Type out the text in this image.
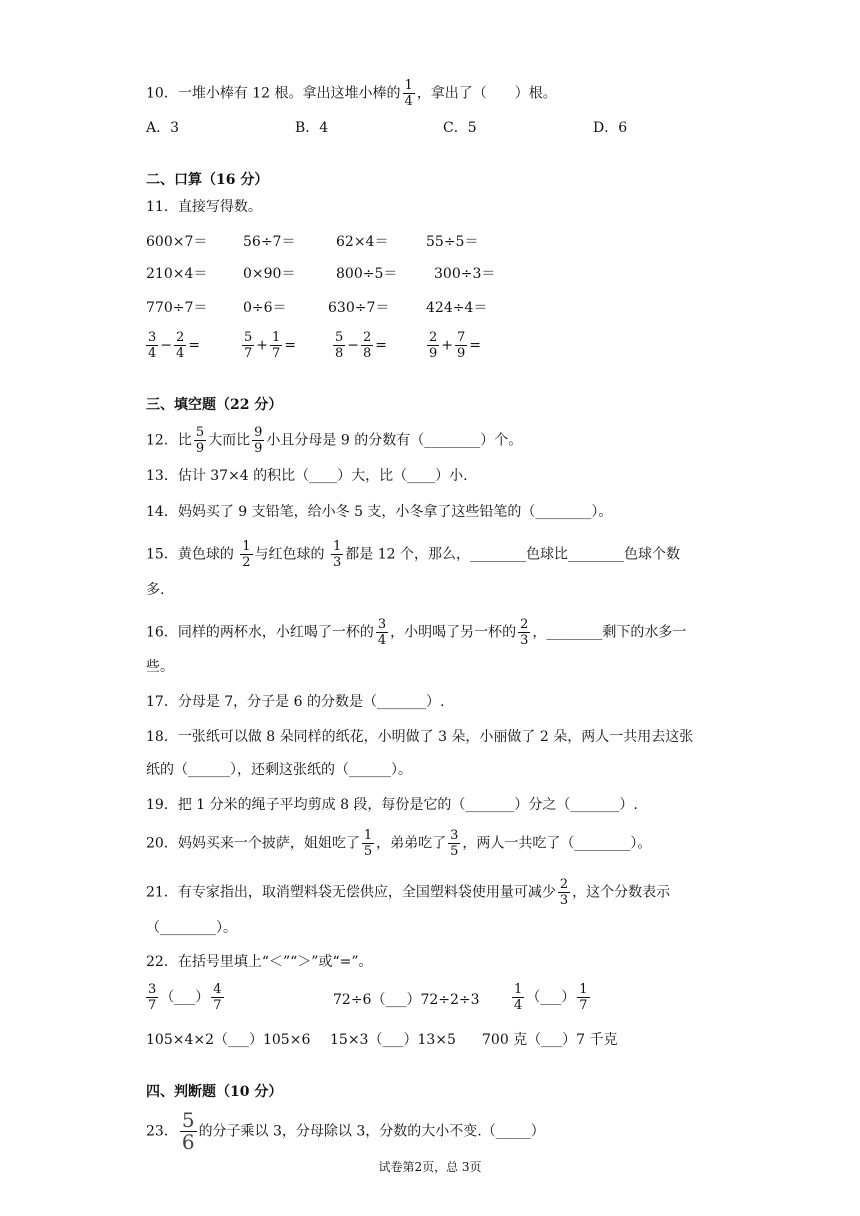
10．一堆小棒有 12 根。拿出这堆小棒的 $\frac{1}{4}$ ，拿出了（　　）根。
A．3	B．4	C．5	D．6
二、口算（16 分）
11．直接写得数。
600×7＝	56÷7＝	62×4＝	55÷5＝
210×4＝	0×90＝	800÷5＝	300÷3＝
770÷7＝	0÷6＝	630÷7＝	424÷4＝
$\frac{3}{4} - \frac{2}{4}$ =	$\frac{5}{7} + \frac{1}{7}$ =	$\frac{5}{8} - \frac{2}{8}$ =	$\frac{2}{9} + \frac{7}{9}$ =
三、填空题（22 分）
12．比 $\frac{5}{9}$ 大而比 $\frac{9}{9}$ 小且分母是 9 的分数有（________）个。
13．估计 37×4 的积比（____）大，比（____）小.
14．妈妈买了 9 支铅笔，给小冬 5 支，小冬拿了这些铅笔的（________）。
15．黄色球的 $\frac{1}{2}$ 与红色球的 $\frac{1}{3}$ 都是 12 个，那么，________色球比________色球个数
多.
16．同样的两杯水，小红喝了一杯的 $\frac{3}{4}$ ，小明喝了另一杯的 $\frac{2}{3}$ ，________剩下的水多一
些。
17．分母是 7，分子是 6 的分数是（_______）.
18．一张纸可以做 8 朵同样的纸花，小明做了 3 朵，小丽做了 2 朵，两人一共用去这张
纸的（______），还剩这张纸的（______）。
19．把 1 分米的绳子平均剪成 8 段，每份是它的（_______）分之（_______）.
20．妈妈买来一个披萨，姐姐吃了 $\frac{1}{5}$ ，弟弟吃了 $\frac{3}{5}$ ，两人一共吃了（________）。
21．有专家指出，取消塑料袋无偿供应，全国塑料袋使用量可减少 $\frac{2}{3}$ ，这个分数表示
（________）。
22．在括号里填上“＜”“＞”或“=”。
$\frac{3}{7}$ （___） $\frac{4}{7}$	72÷6（___）72÷2÷3 $\frac{1}{4}$ （___） $\frac{1}{7}$
105×4×2（___）105×6 15×3（___）13×5 700 克（___）7 千克
四、判断题（10 分）
23． $\frac{5}{6}$ 的分子乘以 3，分母除以 3，分数的大小不变.（_____）
试卷第2页，总 3页
